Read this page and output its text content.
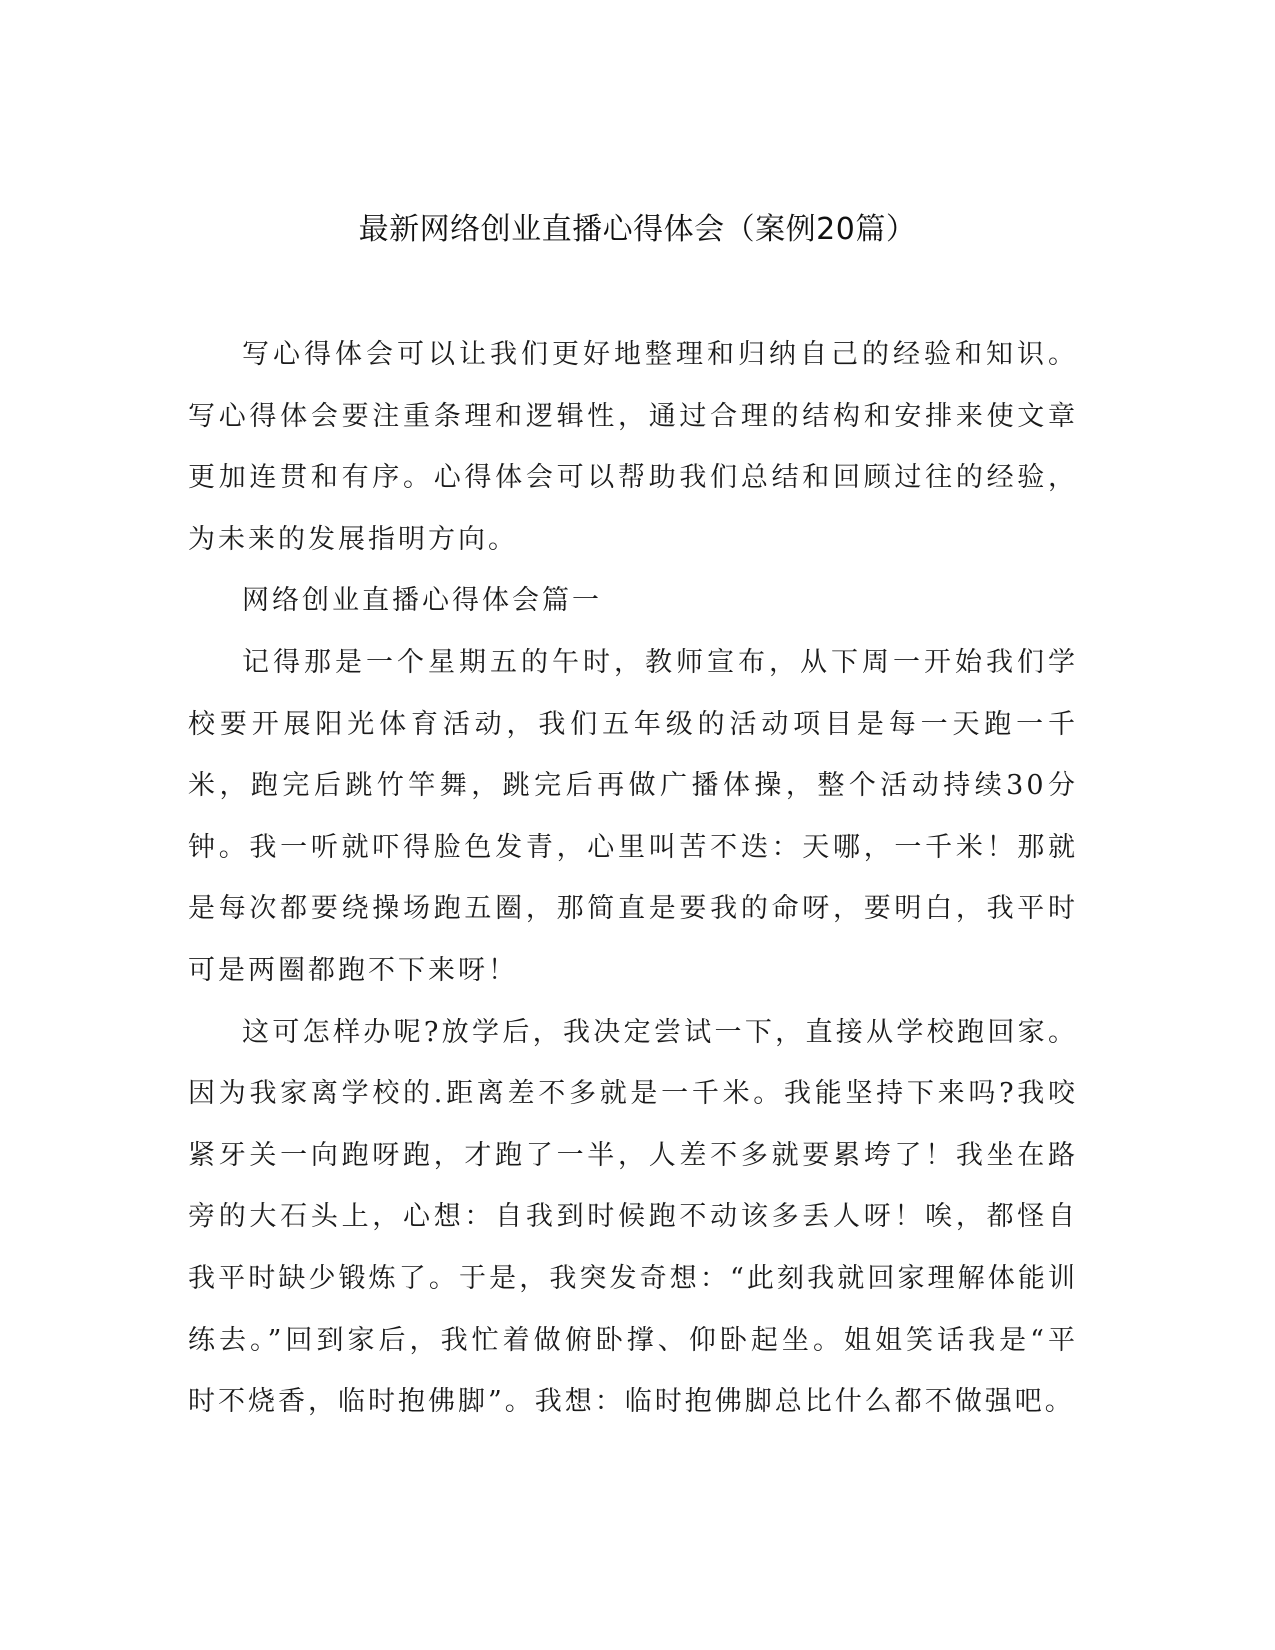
最新网络创业直播心得体会（案例20篇）

写心得体会可以让我们更好地整理和归纳自己的经验和知识。写心得体会要注重条理和逻辑性，通过合理的结构和安排来使文章更加连贯和有序。心得体会可以帮助我们总结和回顾过往的经验，为未来的发展指明方向。

网络创业直播心得体会篇一

记得那是一个星期五的午时，教师宣布，从下周一开始我们学校要开展阳光体育活动，我们五年级的活动项目是每一天跑一千米，跑完后跳竹竿舞，跳完后再做广播体操，整个活动持续30分钟。我一听就吓得脸色发青，心里叫苦不迭：天哪，一千米！那就是每次都要绕操场跑五圈，那简直是要我的命呀，要明白，我平时可是两圈都跑不下来呀！

这可怎样办呢?放学后，我决定尝试一下，直接从学校跑回家。因为我家离学校的.距离差不多就是一千米。我能坚持下来吗?我咬紧牙关一向跑呀跑，才跑了一半，人差不多就要累垮了！我坐在路旁的大石头上，心想：自我到时候跑不动该多丢人呀！唉，都怪自我平时缺少锻炼了。于是，我突发奇想：“此刻我就回家理解体能训练去。”回到家后，我忙着做俯卧撑、仰卧起坐。姐姐笑话我是“平时不烧香，临时抱佛脚”。我想：临时抱佛脚总比什么都不做强吧。
